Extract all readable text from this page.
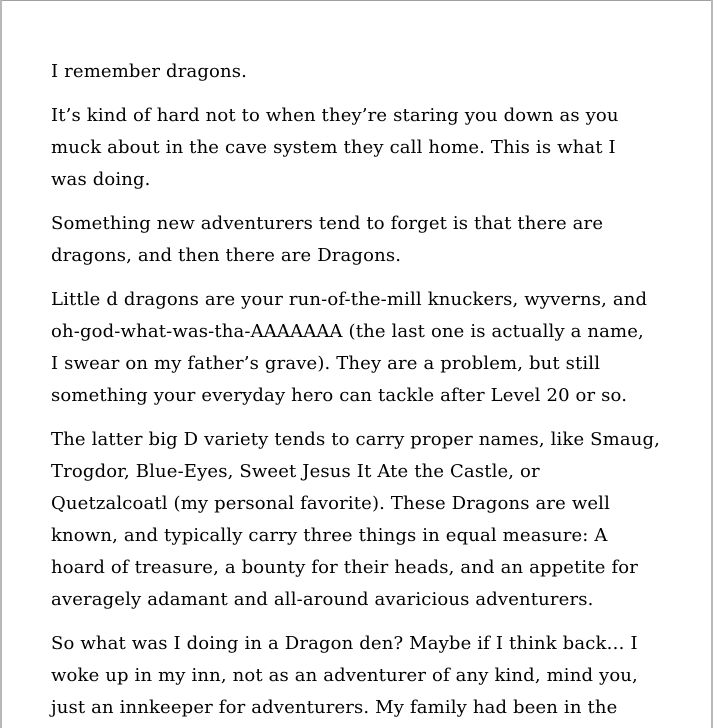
I remember dragons.

It’s kind of hard not to when they’re staring you down as you
muck about in the cave system they call home. This is what I
was doing.

Something new adventurers tend to forget is that there are
dragons, and then there are Dragons.

Little d dragons are your run-of-the-mill knuckers, wyverns, and
oh-god-what-was-tha-AAAAAAA (the last one is actually a name,
I swear on my father’s grave). They are a problem, but still
something your everyday hero can tackle after Level 20 or so.

The latter big D variety tends to carry proper names, like Smaug,
Trogdor, Blue-Eyes, Sweet Jesus It Ate the Castle, or
Quetzalcoatl (my personal favorite). These Dragons are well
known, and typically carry three things in equal measure: A
hoard of treasure, a bounty for their heads, and an appetite for
averagely adamant and all-around avaricious adventurers.

So what was I doing in a Dragon den? Maybe if I think back… I
woke up in my inn, not as an adventurer of any kind, mind you,
just an innkeeper for adventurers. My family had been in the
